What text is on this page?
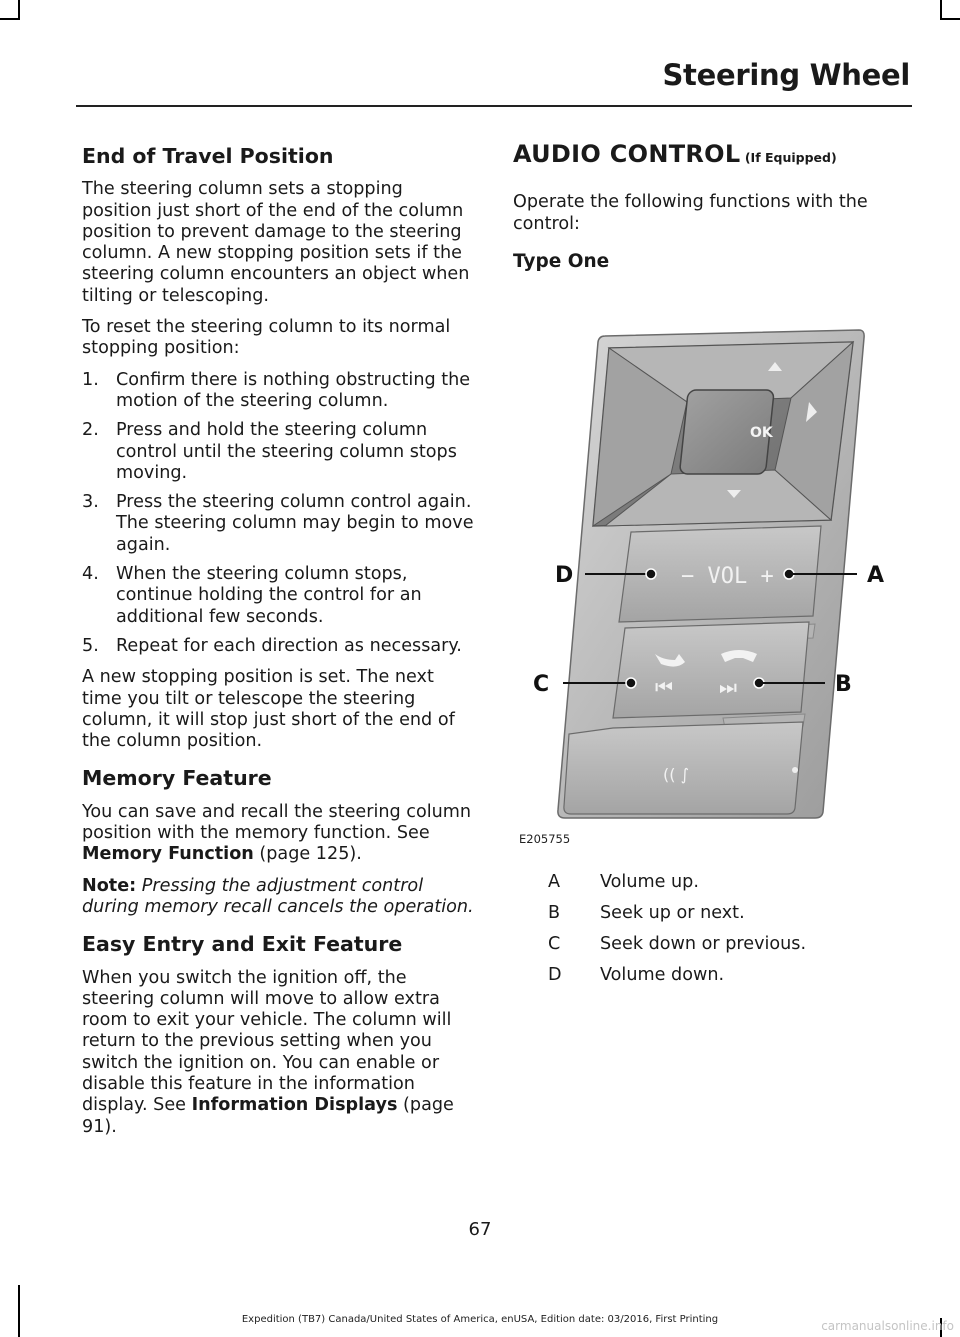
Steering Wheel
End of Travel Position

The steering column sets a stopping position just short of the end of the column position to prevent damage to the steering column. A new stopping position sets if the steering column encounters an object when tilting or telescoping.

To reset the steering column to its normal stopping position:

1. Confirm there is nothing obstructing the motion of the steering column.
2. Press and hold the steering column control until the steering column stops moving.
3. Press the steering column control again. The steering column may begin to move again.
4. When the steering column stops, continue holding the control for an additional few seconds.
5. Repeat for each direction as necessary.

A new stopping position is set. The next time you tilt or telescope the steering column, it will stop just short of the end of the column position.

Memory Feature

You can save and recall the steering column position with the memory function. See Memory Function (page 125).

Note: Pressing the adjustment control during memory recall cancels the operation.

Easy Entry and Exit Feature

When you switch the ignition off, the steering column will move to allow extra room to exit your vehicle. The column will return to the previous setting when you switch the ignition on. You can enable or disable this feature in the information display. See Information Displays (page 91).

AUDIO CONTROL (If Equipped)

Operate the following functions with the control:

Type One
OK
− VOL +
⏮ ⏭
(( ∫
D	A
C	B
E205755
A Volume up.
B Seek up or next.
C Seek down or previous.
D Volume down.
67
Expedition (TB7) Canada/United States of America, enUSA, Edition date: 03/2016, First Printing	carmanualsonline.info
